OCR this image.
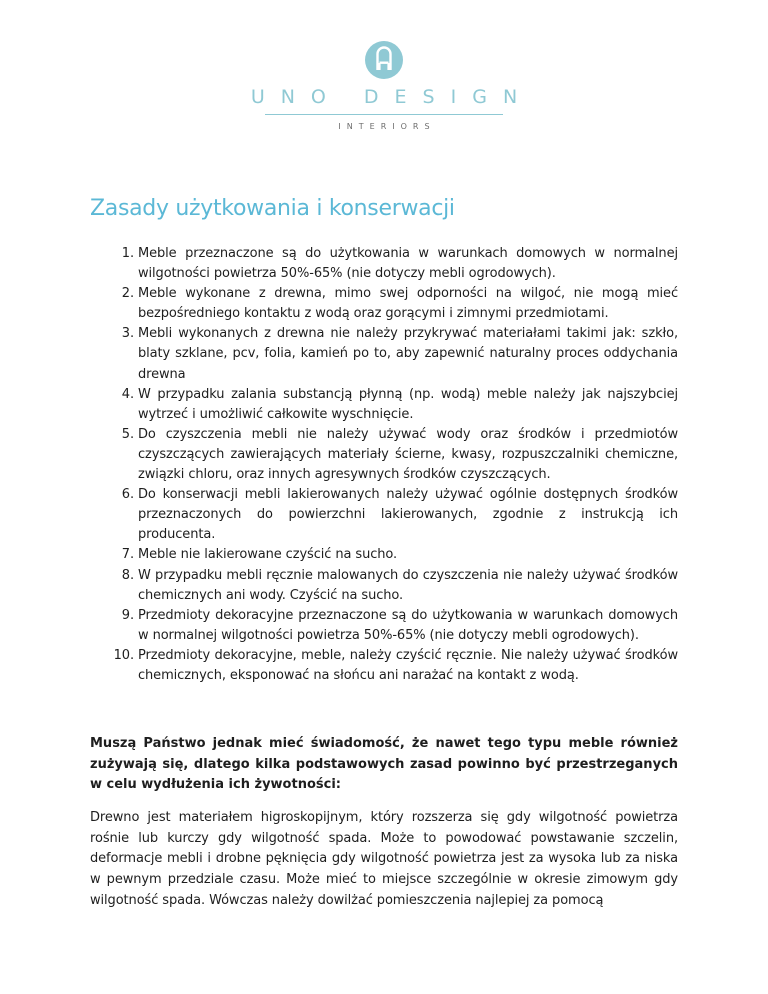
UNO DESIGN
INTERIORS
Zasady użytkowania i konserwacji
1. Meble przeznaczone są do użytkowania w warunkach domowych w normalnej wilgotności powietrza 50%-65% (nie dotyczy mebli ogrodowych).
2. Meble wykonane z drewna, mimo swej odporności na wilgoć, nie mogą mieć bezpośredniego kontaktu z wodą oraz gorącymi i zimnymi przedmiotami.
3. Mebli wykonanych z drewna nie należy przykrywać materiałami takimi jak: szkło, blaty szklane, pcv, folia, kamień po to, aby zapewnić naturalny proces oddychania drewna
4. W przypadku zalania substancją płynną (np. wodą) meble należy jak najszybciej wytrzeć i umożliwić całkowite wyschnięcie.
5. Do czyszczenia mebli nie należy używać wody oraz środków i przedmiotów czyszczących zawierających materiały ścierne, kwasy, rozpuszczalniki chemiczne, związki chloru, oraz innych agresywnych środków czyszczących.
6. Do konserwacji mebli lakierowanych należy używać ogólnie dostępnych środków przeznaczonych do powierzchni lakierowanych, zgodnie z instrukcją ich producenta.
7. Meble nie lakierowane czyścić na sucho.
8. W przypadku mebli ręcznie malowanych do czyszczenia nie należy używać środków chemicznych ani wody. Czyścić na sucho.
9. Przedmioty dekoracyjne przeznaczone są do użytkowania w warunkach domowych w normalnej wilgotności powietrza 50%-65% (nie dotyczy mebli ogrodowych).
10. Przedmioty dekoracyjne, meble, należy czyścić ręcznie. Nie należy używać środków chemicznych, eksponować na słońcu ani narażać na kontakt z wodą.

Muszą Państwo jednak mieć świadomość, że nawet tego typu meble również zużywają się, dlatego kilka podstawowych zasad powinno być przestrzeganych w celu wydłużenia ich żywotności:

Drewno jest materiałem higroskopijnym, który rozszerza się gdy wilgotność powietrza rośnie lub kurczy gdy wilgotność spada. Może to powodować powstawanie szczelin, deformacje mebli i drobne pęknięcia gdy wilgotność powietrza jest za wysoka lub za niska w pewnym przedziale czasu. Może mieć to miejsce szczególnie w okresie zimowym gdy wilgotność spada. Wówczas należy dowilżać pomieszczenia najlepiej za pomocą
